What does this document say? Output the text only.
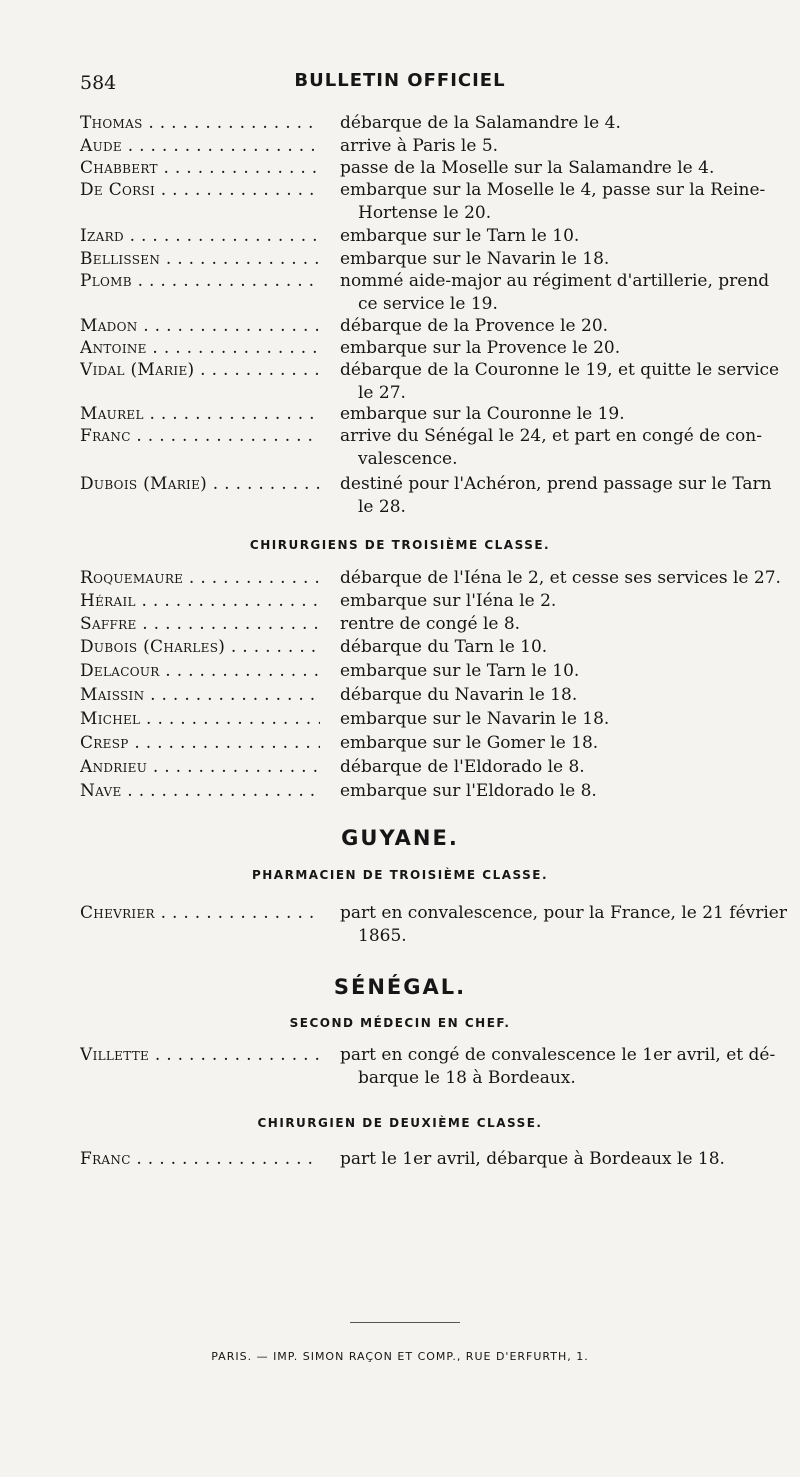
584	BULLETIN OFFICIEL
Thomas . . .	débarque de la Salamandre le 4.
Aude . . .	arrive à Paris le 5.
Chabbert . . .	passe de la Moselle sur la Salamandre le 4.
De Corsi . . .	embarque sur la Moselle le 4, passe sur la Reine-
Hortense le 20.
Izard . . .	embarque sur le Tarn le 10.
Bellissen . . .	embarque sur le Navarin le 18.
Plomb . . .	nommé aide-major au régiment d'artillerie, prend
ce service le 19.
Madon . . .	débarque de la Provence le 20.
Antoine . . .	embarque sur la Provence le 20.
Vidal (Marie) . . .	débarque de la Couronne le 19, et quitte le service
le 27.
Maurel . . .	embarque sur la Couronne le 19.
Franc . . .	arrive du Sénégal le 24, et part en congé de con-
valescence.
Dubois (Marie) . . .	destiné pour l'Achéron, prend passage sur le Tarn
le 28.
CHIRURGIENS DE TROISIÈME CLASSE.
Roquemaure . . .	débarque de l'Iéna le 2, et cesse ses services le 27.
Hérail . . .	embarque sur l'Iéna le 2.
Saffre . . .	rentre de congé le 8.
Dubois (Charles) . . .	débarque du Tarn le 10.
Delacour . . .	embarque sur le Tarn le 10.
Maissin . . .	débarque du Navarin le 18.
Michel . . .	embarque sur le Navarin le 18.
Cresp . . .	embarque sur le Gomer le 18.
Andrieu . . .	débarque de l'Eldorado le 8.
Nave . . .	embarque sur l'Eldorado le 8.
GUYANE.
PHARMACIEN DE TROISIÈME CLASSE.
Chevrier . . .	part en convalescence, pour la France, le 21 février
1865.
SÉNÉGAL.
SECOND MÉDECIN EN CHEF.
Villette . . .	part en congé de convalescence le 1er avril, et dé-
barque le 18 à Bordeaux.
CHIRURGIEN DE DEUXIÈME CLASSE.
Franc . . .	part le 1er avril, débarque à Bordeaux le 18.
PARIS. — IMP. SIMON RAÇON ET COMP., RUE D'ERFURTH, 1.
